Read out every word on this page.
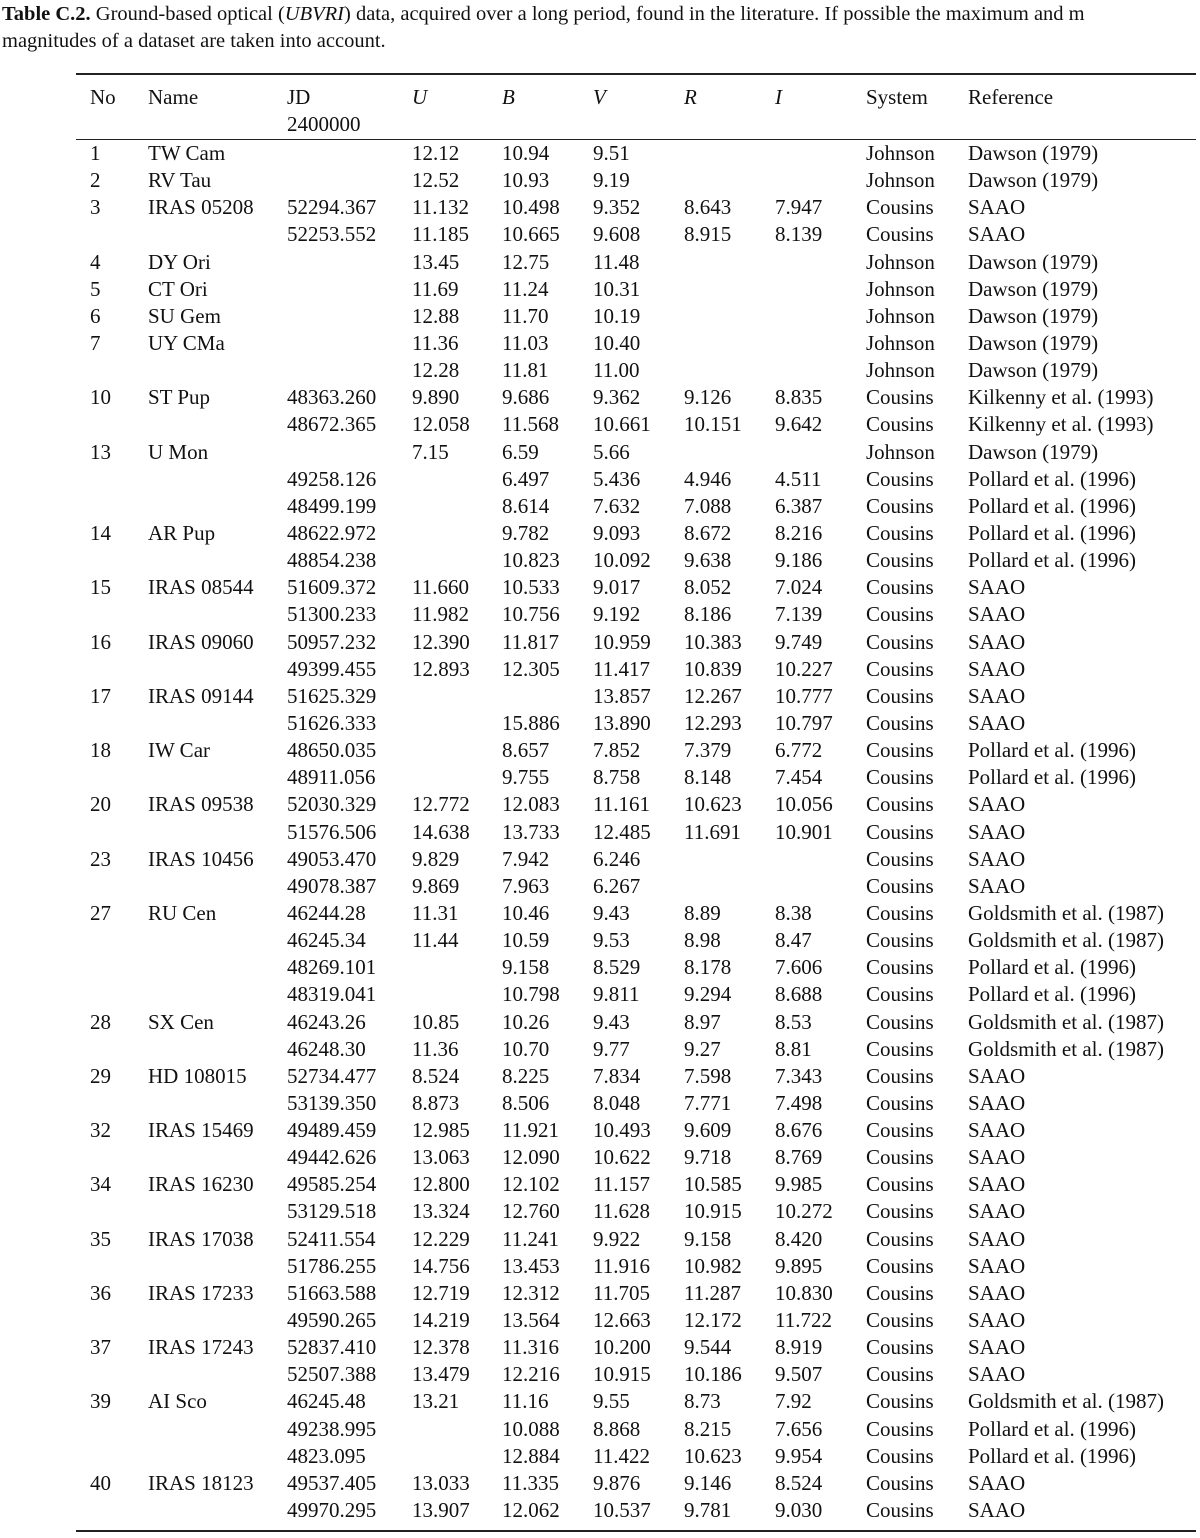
Table C.2. Ground-based optical (UBVRI) data, acquired over a long period, found in the literature. If possible the maximum and m
magnitudes of a dataset are taken into account.
No	Name	JD	U	B	V	R	I	System	Reference
		2400000							
1	TW Cam		12.12	10.94	9.51			Johnson	Dawson (1979)
2	RV Tau		12.52	10.93	9.19			Johnson	Dawson (1979)
3	IRAS 05208	52294.367	11.132	10.498	9.352	8.643	7.947	Cousins	SAAO
		52253.552	11.185	10.665	9.608	8.915	8.139	Cousins	SAAO
4	DY Ori		13.45	12.75	11.48			Johnson	Dawson (1979)
5	CT Ori		11.69	11.24	10.31			Johnson	Dawson (1979)
6	SU Gem		12.88	11.70	10.19			Johnson	Dawson (1979)
7	UY CMa		11.36	11.03	10.40			Johnson	Dawson (1979)
			12.28	11.81	11.00			Johnson	Dawson (1979)
10	ST Pup	48363.260	9.890	9.686	9.362	9.126	8.835	Cousins	Kilkenny et al. (1993)
		48672.365	12.058	11.568	10.661	10.151	9.642	Cousins	Kilkenny et al. (1993)
13	U Mon		7.15	6.59	5.66			Johnson	Dawson (1979)
		49258.126		6.497	5.436	4.946	4.511	Cousins	Pollard et al. (1996)
		48499.199		8.614	7.632	7.088	6.387	Cousins	Pollard et al. (1996)
14	AR Pup	48622.972		9.782	9.093	8.672	8.216	Cousins	Pollard et al. (1996)
		48854.238		10.823	10.092	9.638	9.186	Cousins	Pollard et al. (1996)
15	IRAS 08544	51609.372	11.660	10.533	9.017	8.052	7.024	Cousins	SAAO
		51300.233	11.982	10.756	9.192	8.186	7.139	Cousins	SAAO
16	IRAS 09060	50957.232	12.390	11.817	10.959	10.383	9.749	Cousins	SAAO
		49399.455	12.893	12.305	11.417	10.839	10.227	Cousins	SAAO
17	IRAS 09144	51625.329			13.857	12.267	10.777	Cousins	SAAO
		51626.333		15.886	13.890	12.293	10.797	Cousins	SAAO
18	IW Car	48650.035		8.657	7.852	7.379	6.772	Cousins	Pollard et al. (1996)
		48911.056		9.755	8.758	8.148	7.454	Cousins	Pollard et al. (1996)
20	IRAS 09538	52030.329	12.772	12.083	11.161	10.623	10.056	Cousins	SAAO
		51576.506	14.638	13.733	12.485	11.691	10.901	Cousins	SAAO
23	IRAS 10456	49053.470	9.829	7.942	6.246			Cousins	SAAO
		49078.387	9.869	7.963	6.267			Cousins	SAAO
27	RU Cen	46244.28	11.31	10.46	9.43	8.89	8.38	Cousins	Goldsmith et al. (1987)
		46245.34	11.44	10.59	9.53	8.98	8.47	Cousins	Goldsmith et al. (1987)
		48269.101		9.158	8.529	8.178	7.606	Cousins	Pollard et al. (1996)
		48319.041		10.798	9.811	9.294	8.688	Cousins	Pollard et al. (1996)
28	SX Cen	46243.26	10.85	10.26	9.43	8.97	8.53	Cousins	Goldsmith et al. (1987)
		46248.30	11.36	10.70	9.77	9.27	8.81	Cousins	Goldsmith et al. (1987)
29	HD 108015	52734.477	8.524	8.225	7.834	7.598	7.343	Cousins	SAAO
		53139.350	8.873	8.506	8.048	7.771	7.498	Cousins	SAAO
32	IRAS 15469	49489.459	12.985	11.921	10.493	9.609	8.676	Cousins	SAAO
		49442.626	13.063	12.090	10.622	9.718	8.769	Cousins	SAAO
34	IRAS 16230	49585.254	12.800	12.102	11.157	10.585	9.985	Cousins	SAAO
		53129.518	13.324	12.760	11.628	10.915	10.272	Cousins	SAAO
35	IRAS 17038	52411.554	12.229	11.241	9.922	9.158	8.420	Cousins	SAAO
		51786.255	14.756	13.453	11.916	10.982	9.895	Cousins	SAAO
36	IRAS 17233	51663.588	12.719	12.312	11.705	11.287	10.830	Cousins	SAAO
		49590.265	14.219	13.564	12.663	12.172	11.722	Cousins	SAAO
37	IRAS 17243	52837.410	12.378	11.316	10.200	9.544	8.919	Cousins	SAAO
		52507.388	13.479	12.216	10.915	10.186	9.507	Cousins	SAAO
39	AI Sco	46245.48	13.21	11.16	9.55	8.73	7.92	Cousins	Goldsmith et al. (1987)
		49238.995		10.088	8.868	8.215	7.656	Cousins	Pollard et al. (1996)
		4823.095		12.884	11.422	10.623	9.954	Cousins	Pollard et al. (1996)
40	IRAS 18123	49537.405	13.033	11.335	9.876	9.146	8.524	Cousins	SAAO
		49970.295	13.907	12.062	10.537	9.781	9.030	Cousins	SAAO
